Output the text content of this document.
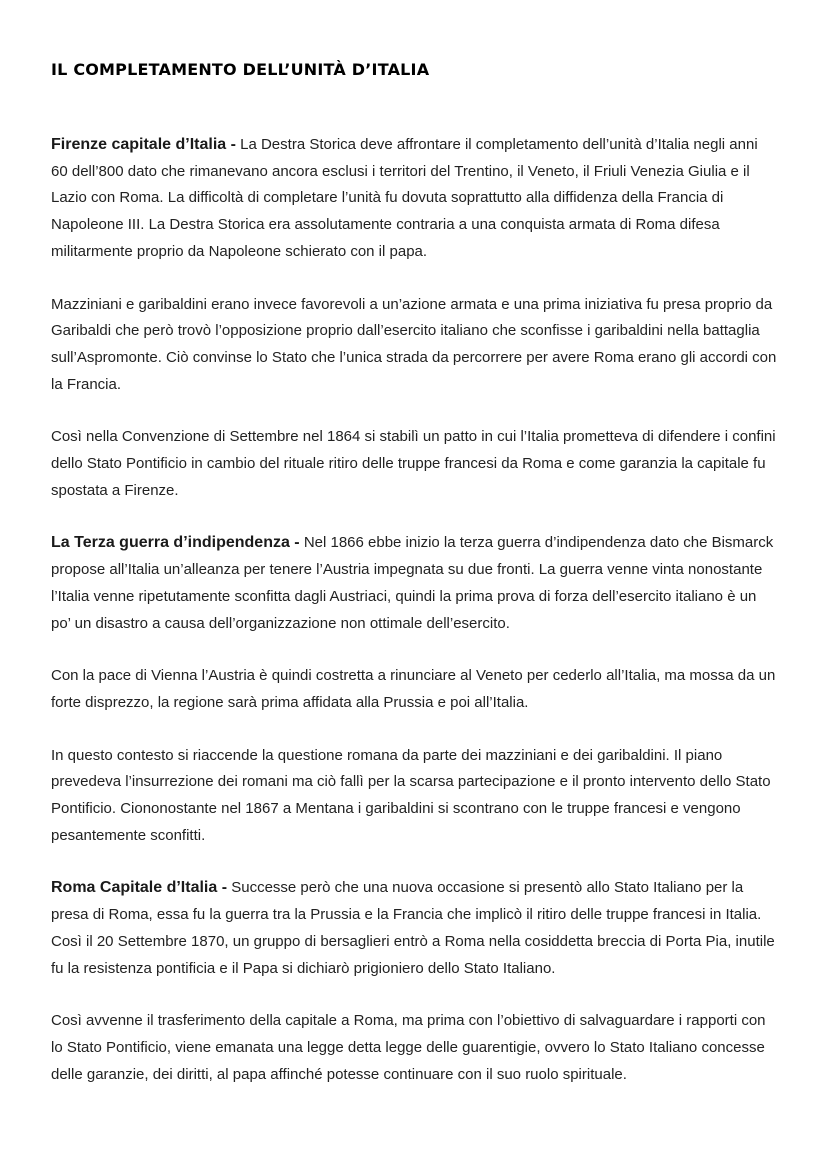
IL COMPLETAMENTO DELL’UNITÀ D’ITALIA

Firenze capitale d’Italia - La Destra Storica deve affrontare il completamento dell’unità d’Italia negli anni 60 dell’800 dato che rimanevano ancora esclusi i territori del Trentino, il Veneto, il Friuli Venezia Giulia e il Lazio con Roma. La difficoltà di completare l’unità fu dovuta soprattutto alla diffidenza della Francia di Napoleone III. La Destra Storica era assolutamente contraria a una conquista armata di Roma difesa militarmente proprio da Napoleone schierato con il papa.

Mazziniani e garibaldini erano invece favorevoli a un’azione armata e una prima iniziativa fu presa proprio da Garibaldi che però trovò l’opposizione proprio dall’esercito italiano che sconfisse i garibaldini nella battaglia sull’Aspromonte. Ciò convinse lo Stato che l’unica strada da percorrere per avere Roma erano gli accordi con la Francia.

Così nella Convenzione di Settembre nel 1864 si stabilì un patto in cui l’Italia prometteva di difendere i confini dello Stato Pontificio in cambio del rituale ritiro delle truppe francesi da Roma e come garanzia la capitale fu spostata a Firenze.

La Terza guerra d’indipendenza - Nel 1866 ebbe inizio la terza guerra d’indipendenza dato che Bismarck propose all’Italia un’alleanza per tenere l’Austria impegnata su due fronti. La guerra venne vinta nonostante l’Italia venne ripetutamente sconfitta dagli Austriaci, quindi la prima prova di forza dell’esercito italiano è un po’ un disastro a causa dell’organizzazione non ottimale dell’esercito.

Con la pace di Vienna l’Austria è quindi costretta a rinunciare al Veneto per cederlo all’Italia, ma mossa da un forte disprezzo, la regione sarà prima affidata alla Prussia e poi all’Italia.

In questo contesto si riaccende la questione romana da parte dei mazziniani e dei garibaldini. Il piano prevedeva l’insurrezione dei romani ma ciò fallì per la scarsa partecipazione e il pronto intervento dello Stato Pontificio. Ciononostante nel 1867 a Mentana i garibaldini si scontrano con le truppe francesi e vengono pesantemente sconfitti.

Roma Capitale d’Italia - Successe però che una nuova occasione si presentò allo Stato Italiano per la presa di Roma, essa fu la guerra tra la Prussia e la Francia che implicò il ritiro delle truppe francesi in Italia. Così il 20 Settembre 1870, un gruppo di bersaglieri entrò a Roma nella cosiddetta breccia di Porta Pia, inutile fu la resistenza pontificia e il Papa si dichiarò prigioniero dello Stato Italiano.

Così avvenne il trasferimento della capitale a Roma, ma prima con l’obiettivo di salvaguardare i rapporti con lo Stato Pontificio, viene emanata una legge detta legge delle guarentigie, ovvero lo Stato Italiano concesse delle garanzie, dei diritti, al papa affinché potesse continuare con il suo ruolo spirituale.
